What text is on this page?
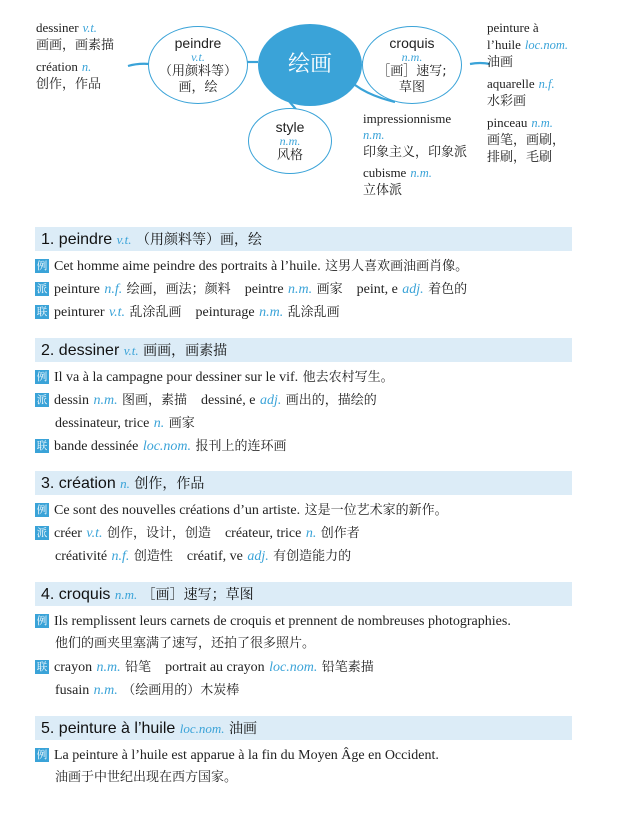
dessiner v.t.
画画，画素描
création n.
创作，作品
peindre
v.t.
（用颜料等）
画，绘
绘画
croquis
n.m.
［画］速写;
草图
style
n.m.
风格
impressionnisme
n.m.
印象主义，印象派
cubisme n.m.
立体派
peinture à
l’huile loc.nom.
油画
aquarelle n.f.
水彩画
pinceau n.m.
画笔，画刷，
排刷，毛刷
1. peindre v.t. （用颜料等）画，绘
例 Cet homme aime peindre des portraits à l’huile. 这男人喜欢画油画肖像。
派 peinture n.f. 绘画，画法；颜料 peintre n.m. 画家 peint, e adj. 着色的
联 peinturer v.t. 乱涂乱画 peinturage n.m. 乱涂乱画
2. dessiner v.t. 画画，画素描
例 Il va à la campagne pour dessiner sur le vif. 他去农村写生。
派 dessin n.m. 图画，素描 dessiné, e adj. 画出的，描绘的
dessinateur, trice n. 画家
联 bande dessinée loc.nom. 报刊上的连环画
3. création n. 创作，作品
例 Ce sont des nouvelles créations d’un artiste. 这是一位艺术家的新作。
派 créer v.t. 创作，设计，创造 créateur, trice n. 创作者
créativité n.f. 创造性 créatif, ve adj. 有创造能力的
4. croquis n.m. ［画］速写；草图
例 Ils remplissent leurs carnets de croquis et prennent de nombreuses photographies.
他们的画夹里塞满了速写，还拍了很多照片。
联 crayon n.m. 铅笔 portrait au crayon loc.nom. 铅笔素描
fusain n.m. （绘画用的）木炭棒
5. peinture à l’huile loc.nom. 油画
例 La peinture à l’huile est apparue à la fin du Moyen Âge en Occident.
油画于中世纪出现在西方国家。
